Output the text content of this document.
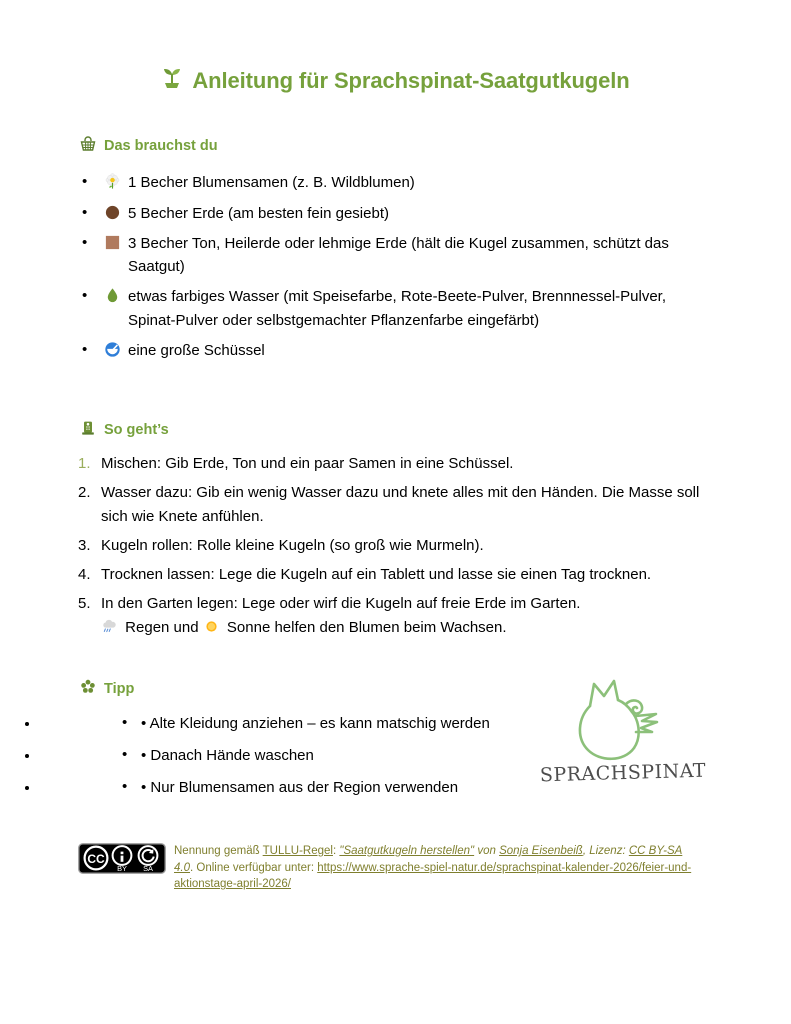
Anleitung für Sprachspinat-Saatgutkugeln
Das brauchst du
• 1 Becher Blumensamen (z. B. Wildblumen)
• 5 Becher Erde (am besten fein gesiebt)
• 3 Becher Ton, Heilerde oder lehmige Erde (hält die Kugel zusammen, schützt das Saatgut)
• etwas farbiges Wasser (mit Speisefarbe, Rote-Beete-Pulver, Brennnessel-Pulver, Spinat-Pulver oder selbstgemachter Pflanzenfarbe eingefärbt)
• eine große Schüssel
So geht’s
1. Mischen: Gib Erde, Ton und ein paar Samen in eine Schüssel.
2. Wasser dazu: Gib ein wenig Wasser dazu und knete alles mit den Händen. Die Masse soll sich wie Knete anfühlen.
3. Kugeln rollen: Rolle kleine Kugeln (so groß wie Murmeln).
4. Trocknen lassen: Lege die Kugeln auf ein Tablett und lasse sie einen Tag trocknen.
5. In den Garten legen: Lege oder wirf die Kugeln auf freie Erde im Garten.
Regen und Sonne helfen den Blumen beim Wachsen.
Tipp
• • • Alte Kleidung anziehen – es kann matschig werden
• • • Danach Hände waschen
• • • Nur Blumensamen aus der Region verwenden
SPRACHSPINAT
CC
BY SA
Nennung gemäß TULLU-Regel: "Saatgutkugeln herstellen" von Sonja Eisenbeiß, Lizenz: CC BY-SA 4.0. Online verfügbar unter: https://www.sprache-spiel-natur.de/sprachspinat-kalender-2026/feier-und-aktionstage-april-2026/
